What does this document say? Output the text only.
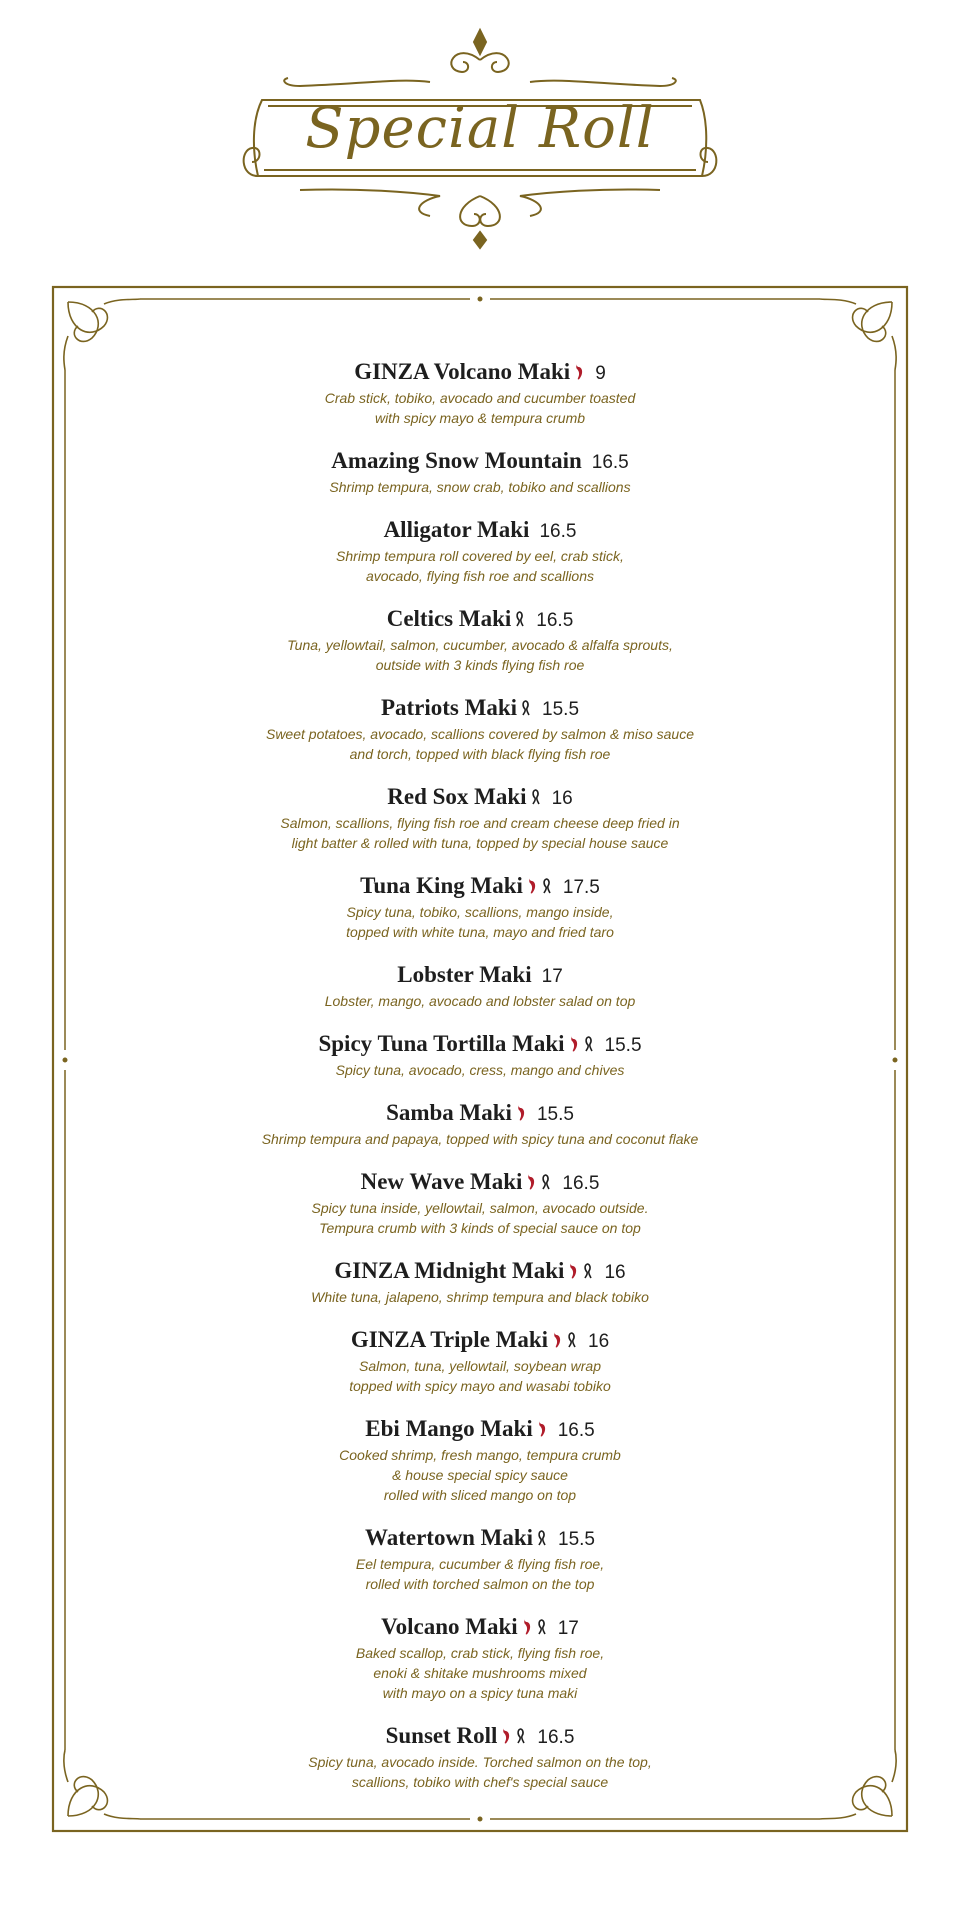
Special Roll
GINZA Volcano Maki 9
Crab stick, tobiko, avocado and cucumber toasted
with spicy mayo & tempura crumb
Amazing Snow Mountain 16.5
Shrimp tempura, snow crab, tobiko and scallions
Alligator Maki 16.5
Shrimp tempura roll covered by eel, crab stick,
avocado, flying fish roe and scallions
Celtics Maki 16.5
Tuna, yellowtail, salmon, cucumber, avocado & alfalfa sprouts,
outside with 3 kinds flying fish roe
Patriots Maki 15.5
Sweet potatoes, avocado, scallions covered by salmon & miso sauce
and torch, topped with black flying fish roe
Red Sox Maki 16
Salmon, scallions, flying fish roe and cream cheese deep fried in
light batter & rolled with tuna, topped by special house sauce
Tuna King Maki 17.5
Spicy tuna, tobiko, scallions, mango inside,
topped with white tuna, mayo and fried taro
Lobster Maki 17
Lobster, mango, avocado and lobster salad on top
Spicy Tuna Tortilla Maki 15.5
Spicy tuna, avocado, cress, mango and chives
Samba Maki 15.5
Shrimp tempura and papaya, topped with spicy tuna and coconut flake
New Wave Maki 16.5
Spicy tuna inside, yellowtail, salmon, avocado outside.
Tempura crumb with 3 kinds of special sauce on top
GINZA Midnight Maki 16
White tuna, jalapeno, shrimp tempura and black tobiko
GINZA Triple Maki 16
Salmon, tuna, yellowtail, soybean wrap
topped with spicy mayo and wasabi tobiko
Ebi Mango Maki 16.5
Cooked shrimp, fresh mango, tempura crumb
& house special spicy sauce
rolled with sliced mango on top
Watertown Maki 15.5
Eel tempura, cucumber & flying fish roe,
rolled with torched salmon on the top
Volcano Maki 17
Baked scallop, crab stick, flying fish roe,
enoki & shitake mushrooms mixed
with mayo on a spicy tuna maki
Sunset Roll 16.5
Spicy tuna, avocado inside. Torched salmon on the top,
scallions, tobiko with chef's special sauce
